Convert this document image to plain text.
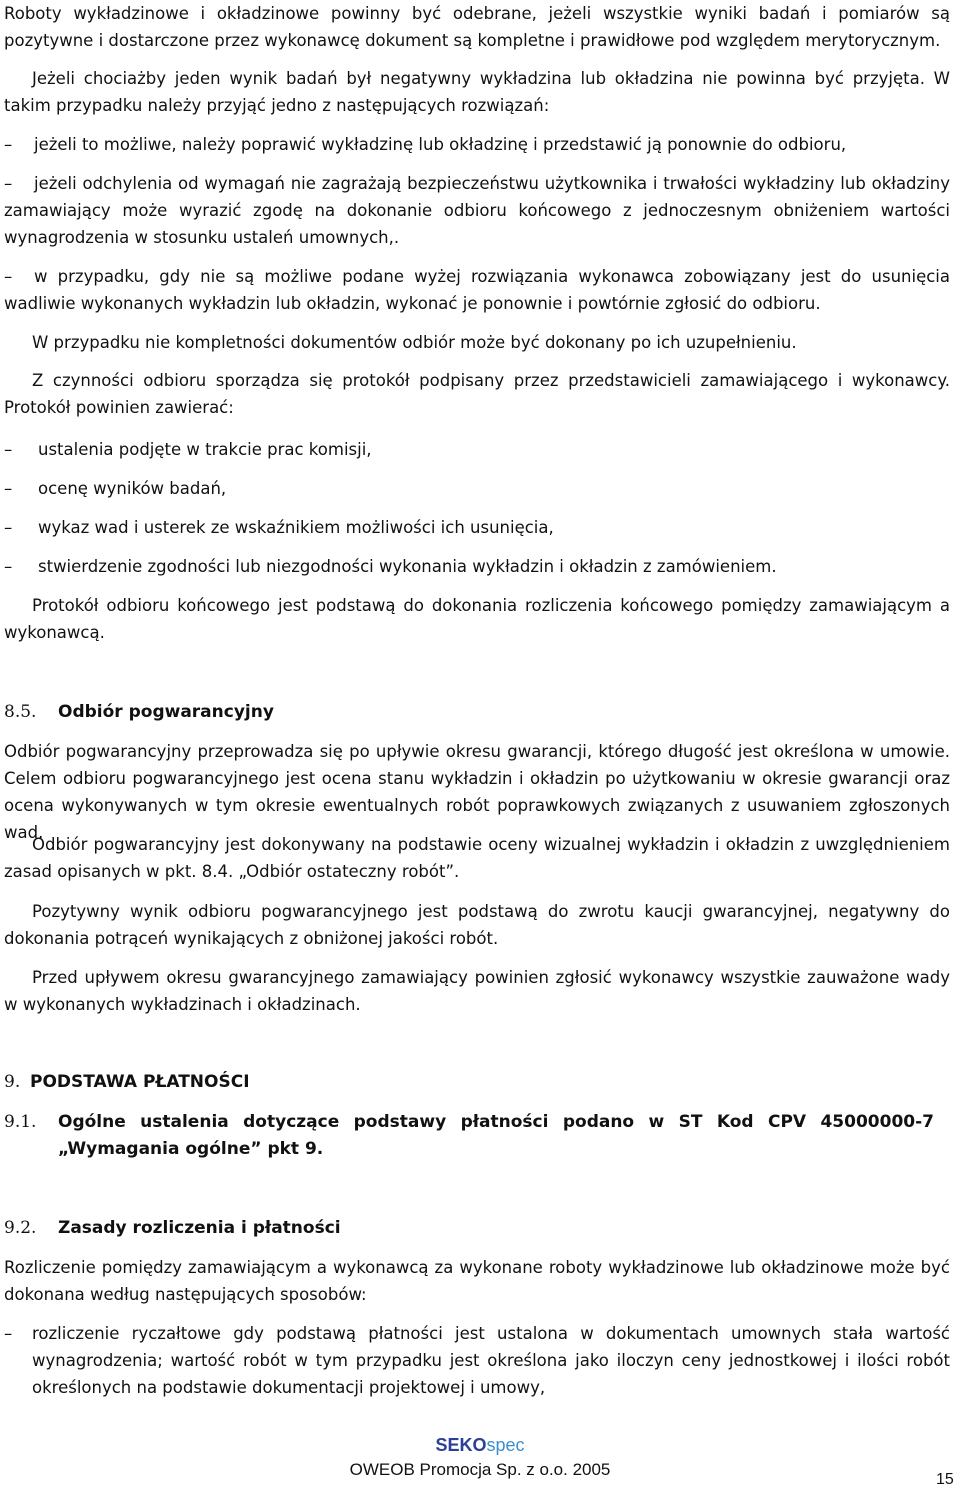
Roboty wykładzinowe i okładzinowe powinny być odebrane, jeżeli wszystkie wyniki badań i pomiarów są pozytywne i dostarczone przez wykonawcę dokument są kompletne i prawidłowe pod względem merytorycznym.
Jeżeli chociażby jeden wynik badań był negatywny wykładzina lub okładzina nie powinna być przyjęta. W takim przypadku należy przyjąć jedno z następujących rozwiązań:
–	jeżeli to możliwe, należy poprawić wykładzinę lub okładzinę i przedstawić ją ponownie do odbioru,
–	jeżeli odchylenia od wymagań nie zagrażają bezpieczeństwu użytkownika i trwałości wykładziny lub okładziny zamawiający może wyrazić zgodę na dokonanie odbioru końcowego z jednoczesnym obniżeniem wartości wynagrodzenia w stosunku ustaleń umownych,.
–	w przypadku, gdy nie są możliwe podane wyżej rozwiązania wykonawca zobowiązany jest do usunięcia wadliwie wykonanych wykładzin lub okładzin, wykonać je ponownie i powtórnie zgłosić do odbioru.
W przypadku nie kompletności dokumentów odbiór może być dokonany po ich uzupełnieniu.
Z czynności odbioru sporządza się protokół podpisany przez przedstawicieli zamawiającego i wykonawcy. Protokół powinien zawierać:
–	ustalenia podjęte w trakcie prac komisji,
–	ocenę wyników badań,
–	wykaz wad i usterek ze wskaźnikiem możliwości ich usunięcia,
–	stwierdzenie zgodności lub niezgodności wykonania wykładzin i okładzin z zamówieniem.
Protokół odbioru końcowego jest podstawą do dokonania rozliczenia końcowego pomiędzy zamawiającym a wykonawcą.
8.5. Odbiór pogwarancyjny
Odbiór pogwarancyjny przeprowadza się po upływie okresu gwarancji, którego długość jest określona w umowie. Celem odbioru pogwarancyjnego jest ocena stanu wykładzin i okładzin po użytkowaniu w okresie gwarancji oraz ocena wykonywanych w tym okresie ewentualnych robót poprawkowych związanych z usuwaniem zgłoszonych wad.
Odbiór pogwarancyjny jest dokonywany na podstawie oceny wizualnej wykładzin i okładzin z uwzględnieniem zasad opisanych w pkt. 8.4. „Odbiór ostateczny robót”.
Pozytywny wynik odbioru pogwarancyjnego jest podstawą do zwrotu kaucji gwarancyjnej, negatywny do dokonania potrąceń wynikających z obniżonej jakości robót.
Przed upływem okresu gwarancyjnego zamawiający powinien zgłosić wykonawcy wszystkie zauważone wady w wykonanych wykładzinach i okładzinach.
9. PODSTAWA PŁATNOŚCI
9.1.	Ogólne ustalenia dotyczące podstawy płatności podano w ST Kod CPV 45000000-7 „Wymagania ogólne” pkt 9.
9.2. Zasady rozliczenia i płatności
Rozliczenie pomiędzy zamawiającym a wykonawcą za wykonane roboty wykładzinowe lub okładzinowe może być dokonana według następujących sposobów:
–	rozliczenie ryczałtowe gdy podstawą płatności jest ustalona w dokumentach umownych stała wartość wynagrodzenia; wartość robót w tym przypadku jest określona jako iloczyn ceny jednostkowej i ilości robót określonych na podstawie dokumentacji projektowej i umowy,
SEKOspec
OWEOB Promocja Sp. z o.o. 2005
15
